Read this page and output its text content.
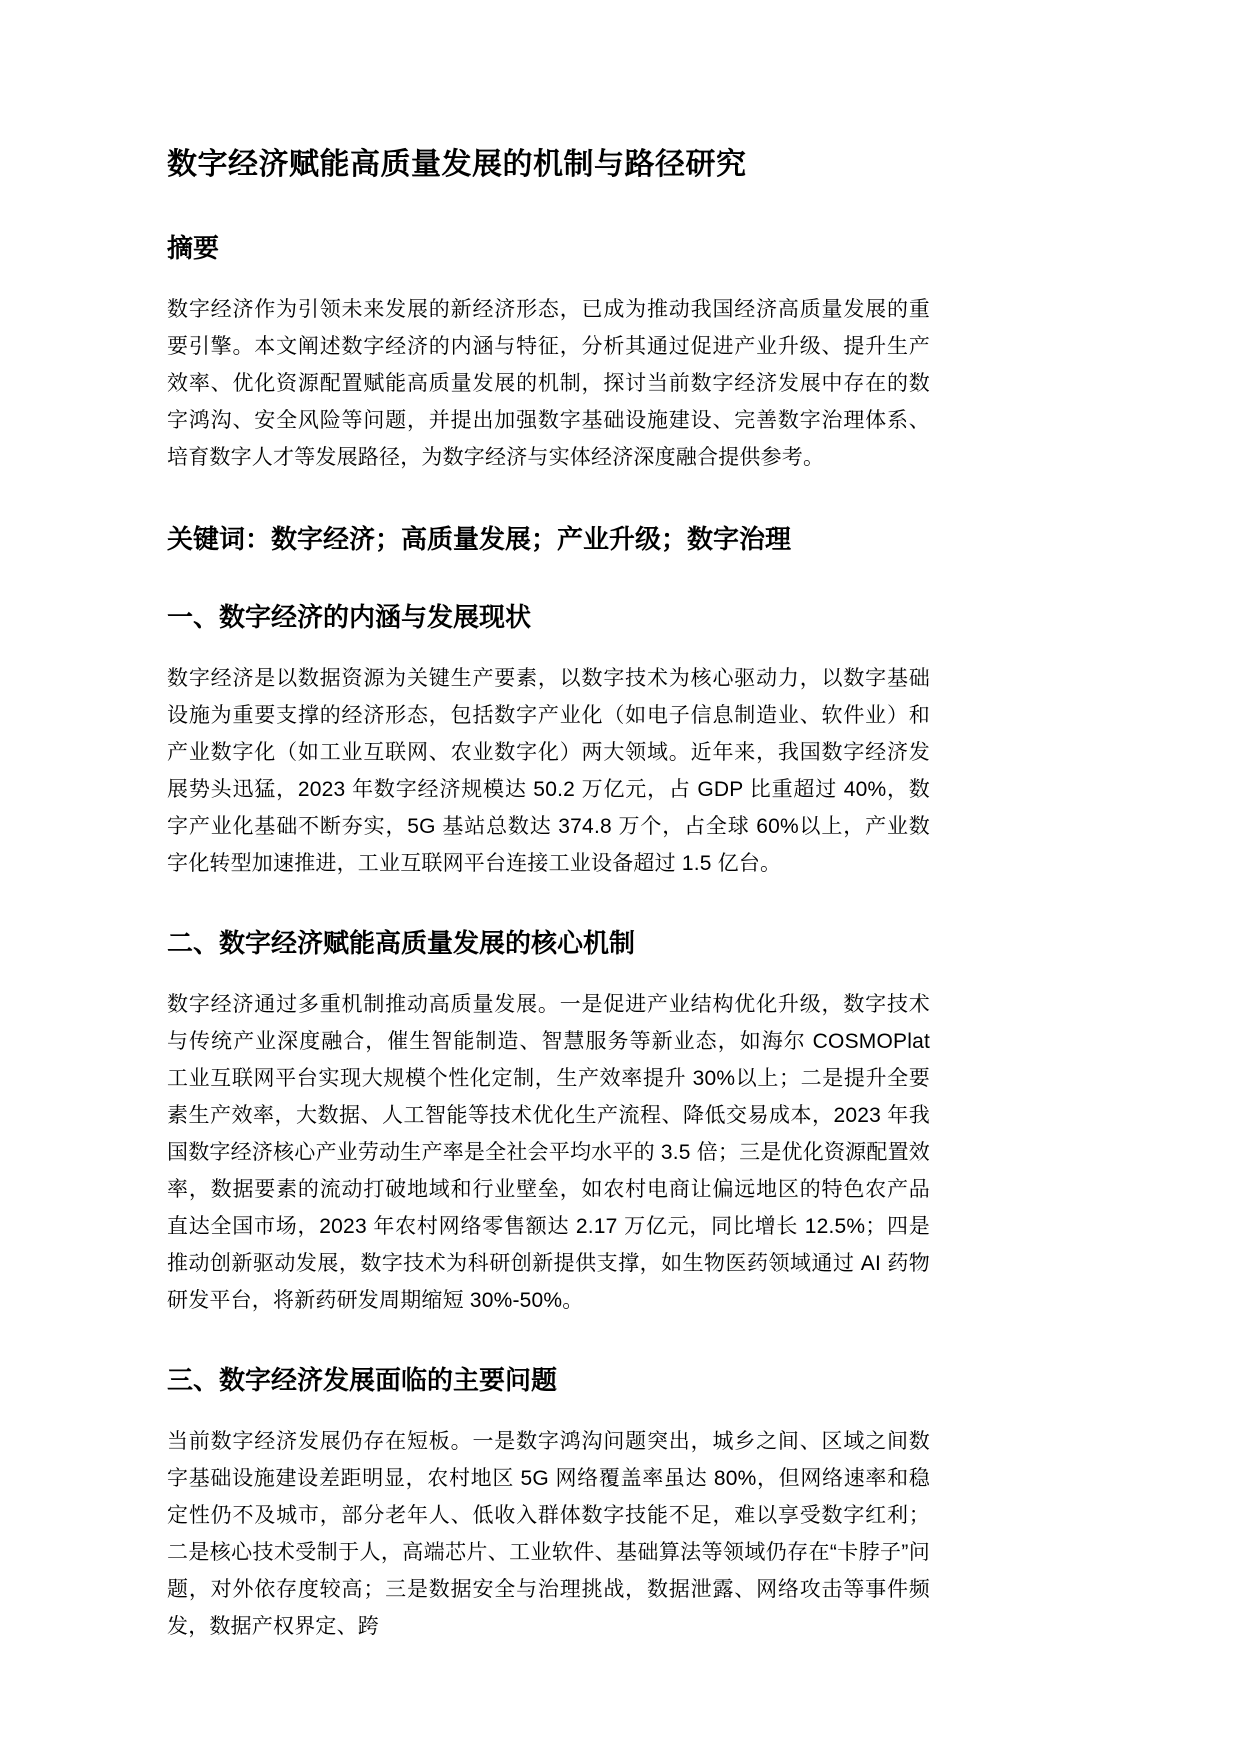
数字经济赋能高质量发展的机制与路径研究
摘要

数字经济作为引领未来发展的新经济形态，已成为推动我国经济高质量发展的重要引擎。本文阐述数字经济的内涵与特征，分析其通过促进产业升级、提升生产效率、优化资源配置赋能高质量发展的机制，探讨当前数字经济发展中存在的数字鸿沟、安全风险等问题，并提出加强数字基础设施建设、完善数字治理体系、培育数字人才等发展路径，为数字经济与实体经济深度融合提供参考。

关键词：数字经济；高质量发展；产业升级；数字治理

一、数字经济的内涵与发展现状

数字经济是以数据资源为关键生产要素，以数字技术为核心驱动力，以数字基础设施为重要支撑的经济形态，包括数字产业化（如电子信息制造业、软件业）和产业数字化（如工业互联网、农业数字化）两大领域。近年来，我国数字经济发展势头迅猛，2023 年数字经济规模达 50.2 万亿元，占 GDP 比重超过 40%，数字产业化基础不断夯实，5G 基站总数达 374.8 万个，占全球 60%以上，产业数字化转型加速推进，工业互联网平台连接工业设备超过 1.5 亿台。

二、数字经济赋能高质量发展的核心机制

数字经济通过多重机制推动高质量发展。一是促进产业结构优化升级，数字技术与传统产业深度融合，催生智能制造、智慧服务等新业态，如海尔 COSMOPlat 工业互联网平台实现大规模个性化定制，生产效率提升 30%以上；二是提升全要素生产效率，大数据、人工智能等技术优化生产流程、降低交易成本，2023 年我国数字经济核心产业劳动生产率是全社会平均水平的 3.5 倍；三是优化资源配置效率，数据要素的流动打破地域和行业壁垒，如农村电商让偏远地区的特色农产品直达全国市场，2023 年农村网络零售额达 2.17 万亿元，同比增长 12.5%；四是推动创新驱动发展，数字技术为科研创新提供支撑，如生物医药领域通过 AI 药物研发平台，将新药研发周期缩短 30%-50%。

三、数字经济发展面临的主要问题

当前数字经济发展仍存在短板。一是数字鸿沟问题突出，城乡之间、区域之间数字基础设施建设差距明显，农村地区 5G 网络覆盖率虽达 80%，但网络速率和稳定性仍不及城市，部分老年人、低收入群体数字技能不足，难以享受数字红利；二是核心技术受制于人，高端芯片、工业软件、基础算法等领域仍存在“卡脖子”问题，对外依存度较高；三是数据安全与治理挑战，数据泄露、网络攻击等事件频发，数据产权界定、跨
